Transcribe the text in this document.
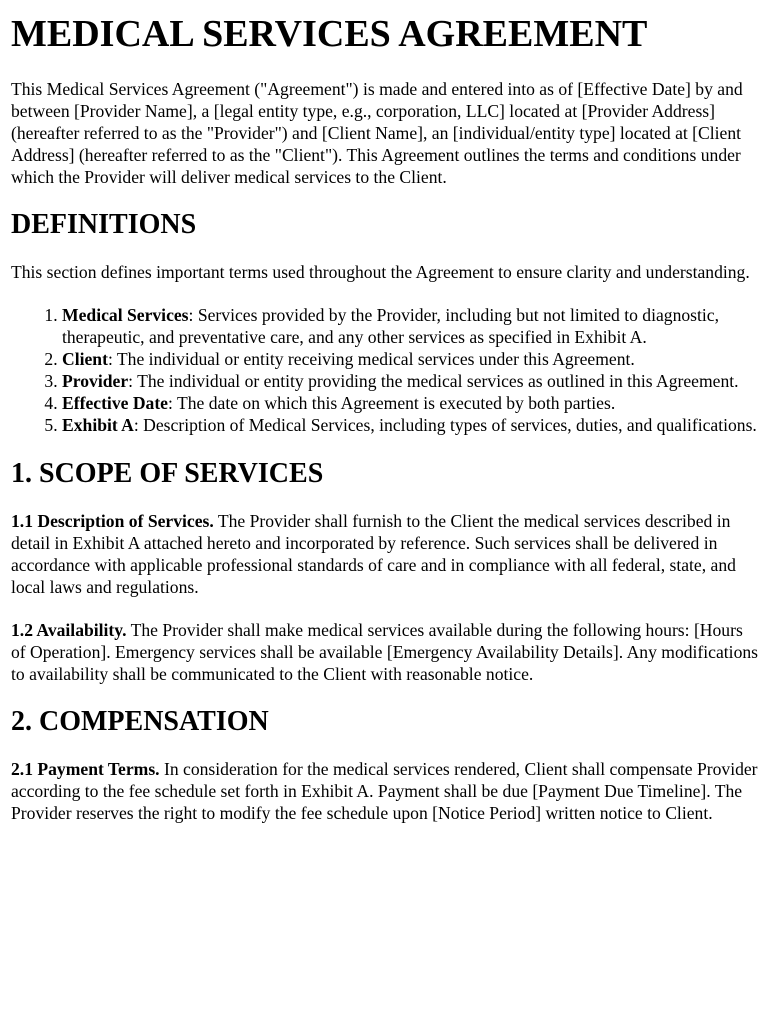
MEDICAL SERVICES AGREEMENT

This Medical Services Agreement ("Agreement") is made and entered into as of [Effective Date] by and between [Provider Name], a [legal entity type, e.g., corporation, LLC] located at [Provider Address] (hereafter referred to as the "Provider") and [Client Name], an [individual/entity type] located at [Client Address] (hereafter referred to as the "Client"). This Agreement outlines the terms and conditions under which the Provider will deliver medical services to the Client.

DEFINITIONS

This section defines important terms used throughout the Agreement to ensure clarity and understanding.

1. Medical Services: Services provided by the Provider, including but not limited to diagnostic, therapeutic, and preventative care, and any other services as specified in Exhibit A.
2. Client: The individual or entity receiving medical services under this Agreement.
3. Provider: The individual or entity providing the medical services as outlined in this Agreement.
4. Effective Date: The date on which this Agreement is executed by both parties.
5. Exhibit A: Description of Medical Services, including types of services, duties, and qualifications.
1. SCOPE OF SERVICES

1.1 Description of Services. The Provider shall furnish to the Client the medical services described in detail in Exhibit A attached hereto and incorporated by reference. Such services shall be delivered in accordance with applicable professional standards of care and in compliance with all federal, state, and local laws and regulations.

1.2 Availability. The Provider shall make medical services available during the following hours: [Hours of Operation]. Emergency services shall be available [Emergency Availability Details]. Any modifications to availability shall be communicated to the Client with reasonable notice.

2. COMPENSATION

2.1 Payment Terms. In consideration for the medical services rendered, Client shall compensate Provider according to the fee schedule set forth in Exhibit A. Payment shall be due [Payment Due Timeline]. The Provider reserves the right to modify the fee schedule upon [Notice Period] written notice to Client.
